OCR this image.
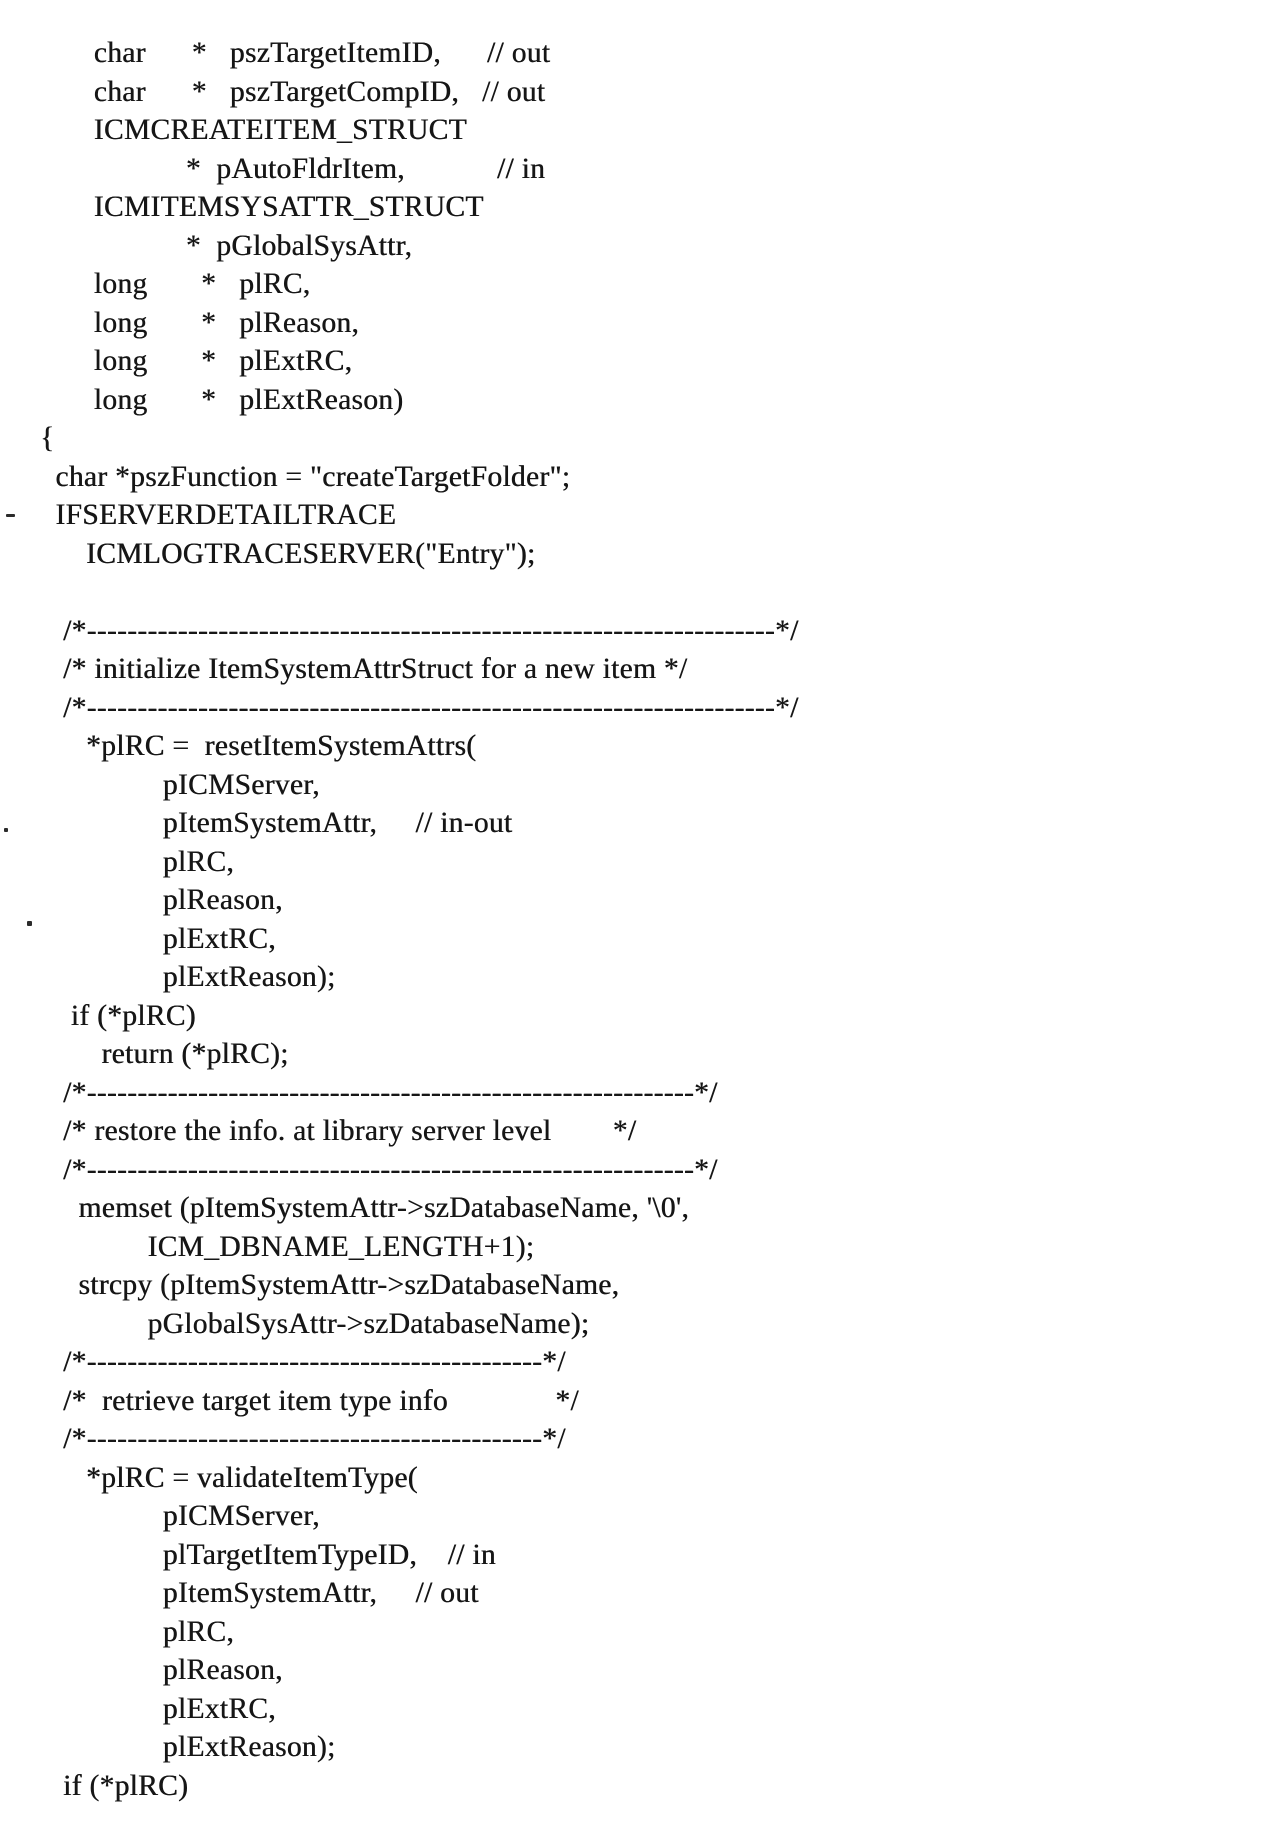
char      *   pszTargetItemID,      // out
char      *   pszTargetCompID,   // out
ICMCREATEITEM_STRUCT
*  pAutoFldrItem,            // in
ICMITEMSYSATTR_STRUCT
*  pGlobalSysAttr,
long       *   plRC,
long       *   plReason,
long       *   plExtRC,
long       *   plExtReason)
{
char *pszFunction = "createTargetFolder";
IFSERVERDETAILTRACE
ICMLOGTRACESERVER("Entry");
/*--------------------------------------------------------------------*/
/* initialize ItemSystemAttrStruct for a new item */
/*--------------------------------------------------------------------*/
*plRC =  resetItemSystemAttrs(
pICMServer,
pItemSystemAttr,     // in-out
plRC,
plReason,
plExtRC,
plExtReason);
if (*plRC)
return (*plRC);
/*------------------------------------------------------------*/
/* restore the info. at library server level        */
/*------------------------------------------------------------*/
memset (pItemSystemAttr->szDatabaseName, '\0',
ICM_DBNAME_LENGTH+1);
strcpy (pItemSystemAttr->szDatabaseName,
pGlobalSysAttr->szDatabaseName);
/*---------------------------------------------*/
/*  retrieve target item type info              */
/*---------------------------------------------*/
*plRC = validateItemType(
pICMServer,
plTargetItemTypeID,    // in
pItemSystemAttr,     // out
plRC,
plReason,
plExtRC,
plExtReason);
if (*plRC)
